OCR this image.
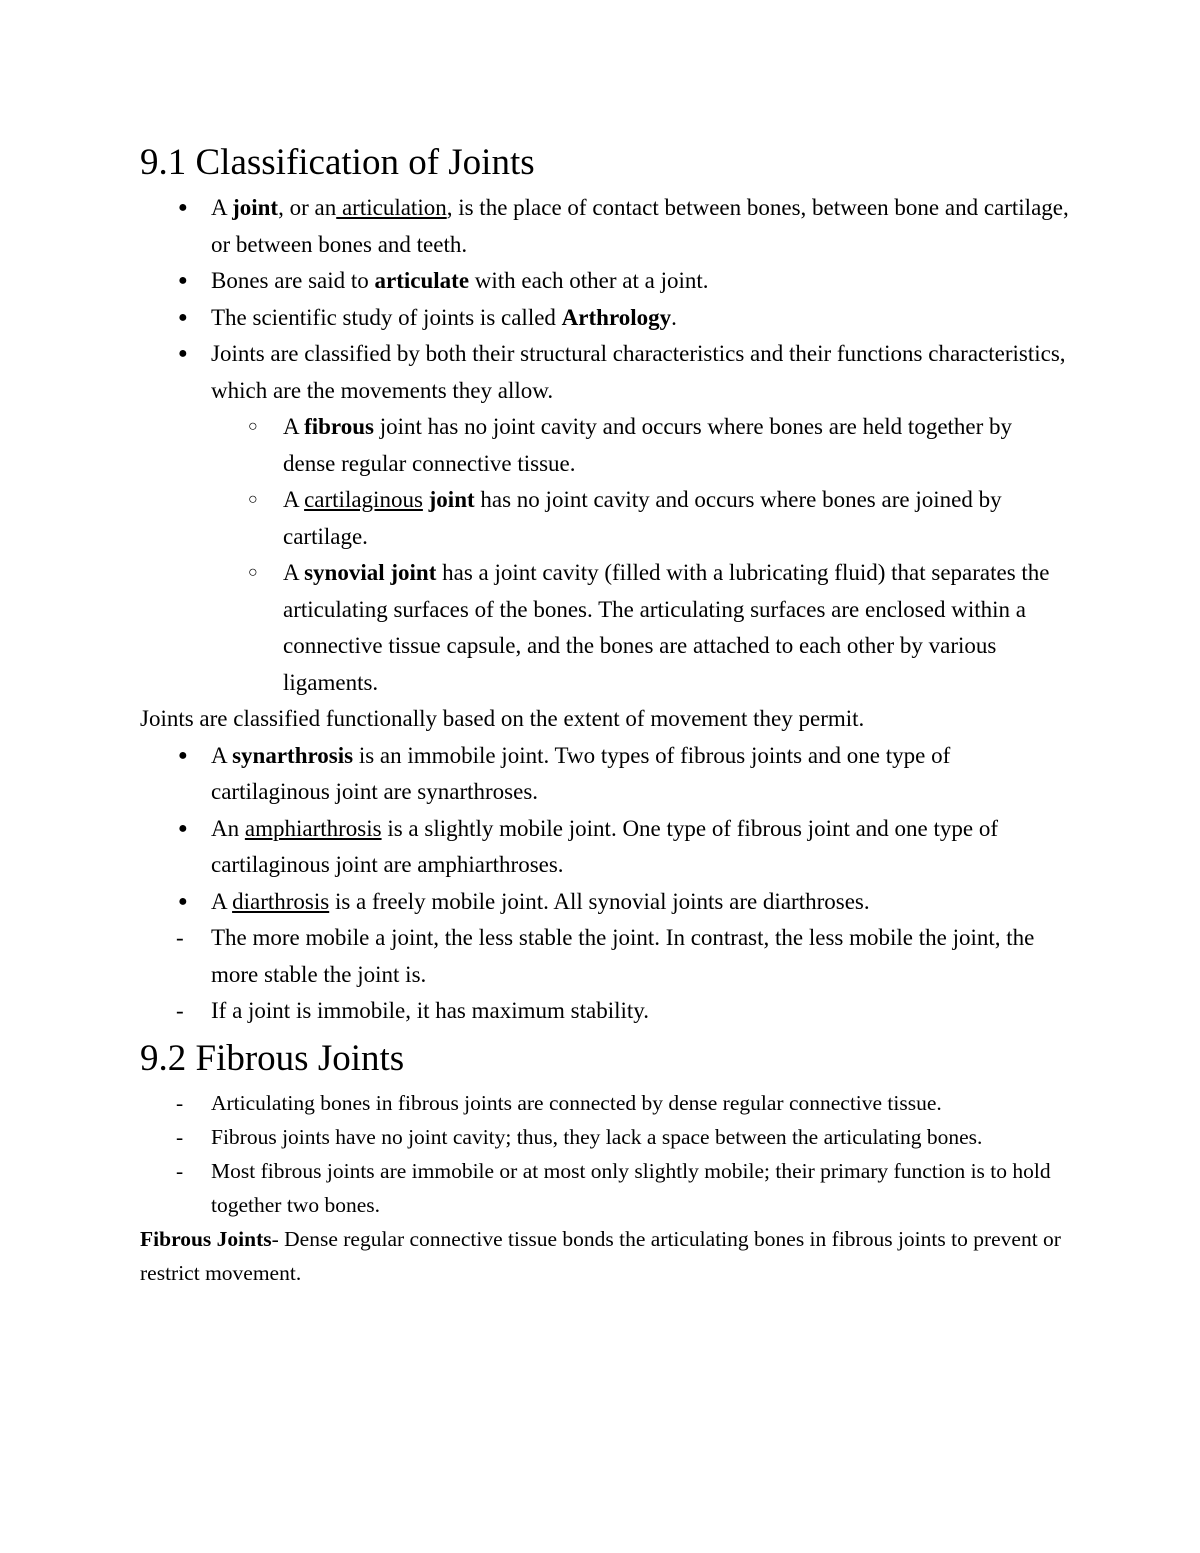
9.1 Classification of Joints
● A joint, or an articulation, is the place of contact between bones, between bone and cartilage, or between bones and teeth.
● Bones are said to articulate with each other at a joint.
● The scientific study of joints is called Arthrology.
● Joints are classified by both their structural characteristics and their functions characteristics, which are the movements they allow.
○ A fibrous joint has no joint cavity and occurs where bones are held together by dense regular connective tissue.
○ A cartilaginous joint has no joint cavity and occurs where bones are joined by cartilage.
○ A synovial joint has a joint cavity (filled with a lubricating fluid) that separates the articulating surfaces of the bones. The articulating surfaces are enclosed within a connective tissue capsule, and the bones are attached to each other by various ligaments.
Joints are classified functionally based on the extent of movement they permit.
● A synarthrosis is an immobile joint. Two types of fibrous joints and one type of cartilaginous joint are synarthroses.
● An amphiarthrosis is a slightly mobile joint. One type of fibrous joint and one type of cartilaginous joint are amphiarthroses.
● A diarthrosis is a freely mobile joint. All synovial joints are diarthroses.
- The more mobile a joint, the less stable the joint. In contrast, the less mobile the joint, the more stable the joint is.
- If a joint is immobile, it has maximum stability.
9.2 Fibrous Joints
- Articulating bones in fibrous joints are connected by dense regular connective tissue.
- Fibrous joints have no joint cavity; thus, they lack a space between the articulating bones.
- Most fibrous joints are immobile or at most only slightly mobile; their primary function is to hold together two bones.
Fibrous Joints- Dense regular connective tissue bonds the articulating bones in fibrous joints to prevent or restrict movement.
